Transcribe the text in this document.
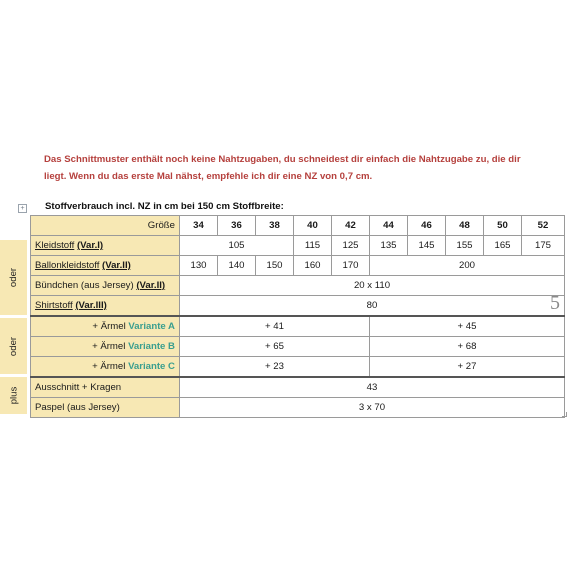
Das Schnittmuster enthält noch keine Nahtzugaben, du schneidest dir einfach die Nahtzugabe zu, die dir
liegt. Wenn du das erste Mal nähst, empfehle ich dir eine NZ von 0,7 cm.
+ Stoffverbrauch incl. NZ in cm bei 150 cm Stoffbreite:
oder
oder
plus
Größe	34	36	38	40	42	44	46	48	50	52
Kleidstoff (Var.I)	105			115	125	135	145	155	165	175
Ballonkleidstoff (Var.II)	130	140	150	160	170	200				
Bündchen (aus Jersey) (Var.II)	20 x 110									
Shirtstoff (Var.III)	80									
+ Ärmel Variante A	+ 41					+ 45				
+ Ärmel Variante B	+ 65					+ 68				
+ Ärmel Variante C	+ 23					+ 27				
Ausschnitt + Kragen	43									
Paspel (aus Jersey)	3 x 70									
5
